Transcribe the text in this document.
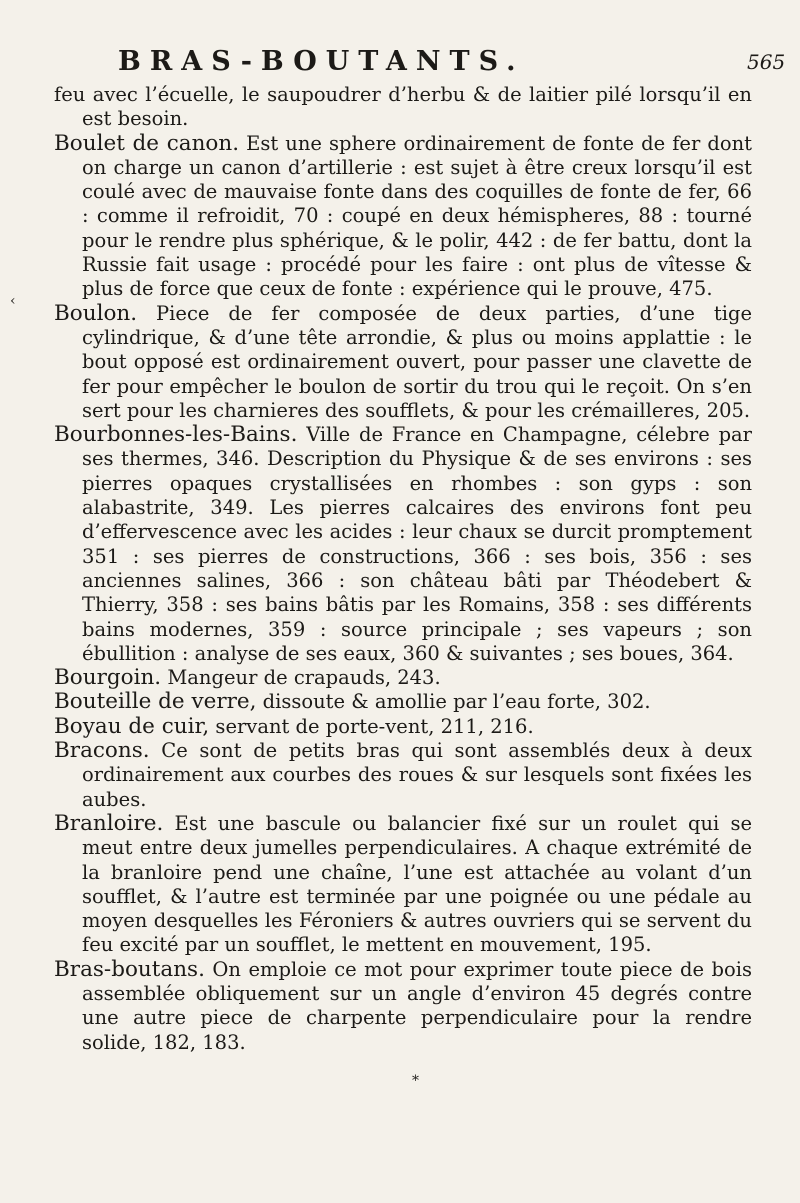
BRAS-BOUTANTS.	565
‹

feu avec l’écuelle, le saupoudrer d’herbu & de laitier pilé lorsqu’il en est besoin.

Boulet de canon. Est une sphere ordinairement de fonte de fer dont on charge un canon d’artillerie : est sujet à être creux lorsqu’il est coulé avec de mauvaise fonte dans des coquilles de fonte de fer, 66 : comme il refroidit, 70 : coupé en deux hémispheres, 88 : tourné pour le rendre plus sphérique, & le polir, 442 : de fer battu, dont la Russie fait usage : procédé pour les faire : ont plus de vîtesse & plus de force que ceux de fonte : expérience qui le prouve, 475.

Boulon. Piece de fer composée de deux parties, d’une tige cylindrique, & d’une tête arrondie, & plus ou moins applattie : le bout opposé est ordinairement ouvert, pour passer une clavette de fer pour empêcher le boulon de sortir du trou qui le reçoit. On s’en sert pour les charnieres des soufflets, & pour les crémailleres, 205.

Bourbonnes-les-Bains. Ville de France en Champagne, célebre par ses thermes, 346. Description du Physique & de ses environs : ses pierres opaques crystallisées en rhombes : son gyps : son alabastrite, 349. Les pierres calcaires des environs font peu d’effervescence avec les acides : leur chaux se durcit promptement 351 : ses pierres de constructions, 366 : ses bois, 356 : ses anciennes salines, 366 : son château bâti par Théodebert & Thierry, 358 : ses bains bâtis par les Romains, 358 : ses différents bains modernes, 359 : source principale ; ses vapeurs ; son ébullition : analyse de ses eaux, 360 & suivantes ; ses boues, 364.

Bourgoin. Mangeur de crapauds, 243.

Bouteille de verre, dissoute & amollie par l’eau forte, 302.

Boyau de cuir, servant de porte-vent, 211, 216.

Bracons. Ce sont de petits bras qui sont assemblés deux à deux ordinairement aux courbes des roues & sur lesquels sont fixées les aubes.

Branloire. Est une bascule ou balancier fixé sur un roulet qui se meut entre deux jumelles perpendiculaires. A chaque extrémité de la branloire pend une chaîne, l’une est attachée au volant d’un soufflet, & l’autre est terminée par une poignée ou une pédale au moyen desquelles les Féroniers & autres ouvriers qui se servent du feu excité par un soufflet, le mettent en mouvement, 195.

Bras-boutans. On emploie ce mot pour exprimer toute piece de bois assemblée obliquement sur un angle d’environ 45 degrés contre une autre piece de charpente perpendiculaire pour la rendre solide, 182, 183.

*
